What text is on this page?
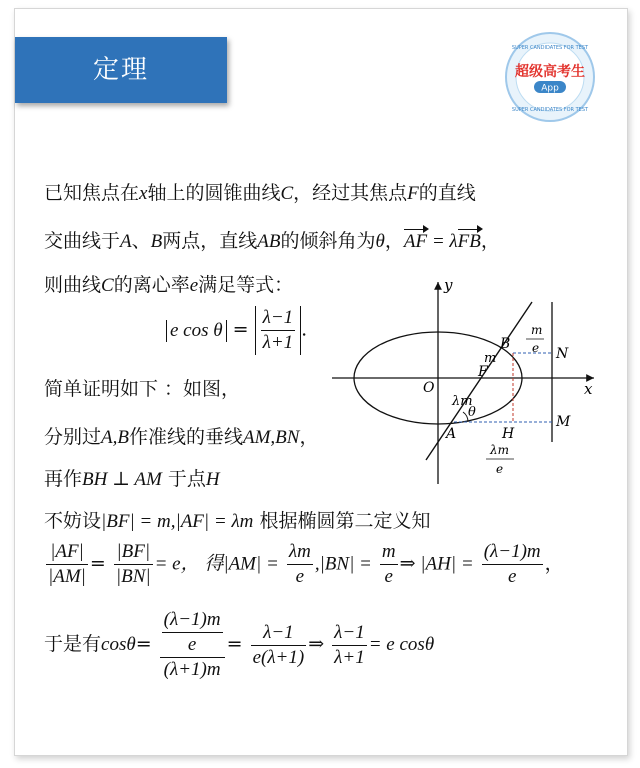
定理
SUPER CANDIDATES FOR TEST
超级高考生
App
SUPER CANDIDATES FOR TEST
已知焦点在x轴上的圆锥曲线C，经过其焦点F的直线
交曲线于A、B两点，直线AB的倾斜角为θ，AF = λFB，
则曲线C的离心率e满足等式：
e $\cos \theta = \frac{\lambda-1}{\lambda+1}$ .
简单证明如下 ：如图，
分别过A,B作准线的垂线AM,BN，
再作BH ⊥ AM 于点H
不妨设|BF| = m,|AF| = λm 根据椭圆第二定义知
$\frac{|AF|}{|AM|} = \frac{|BF|}{|BN|} = e$， 得$|AM| = \frac{\lambda m}{e} ,|BN| = \frac{m}{e}$ ⇒ $|AH| = \frac{(\lambda-1)m}{e}$ ，
于是有$\cos\theta= \frac{\frac{(\lambda-1)m}{e}}{(\lambda+1)m} = \frac{\lambda-1}{e(\lambda+1)}$ ⇒ $\frac{\lambda-1}{\lambda+1} = e$ cosθ
y
x
O
B
F
m
λm
θ
A	H
N
M
m
e
λm
e
